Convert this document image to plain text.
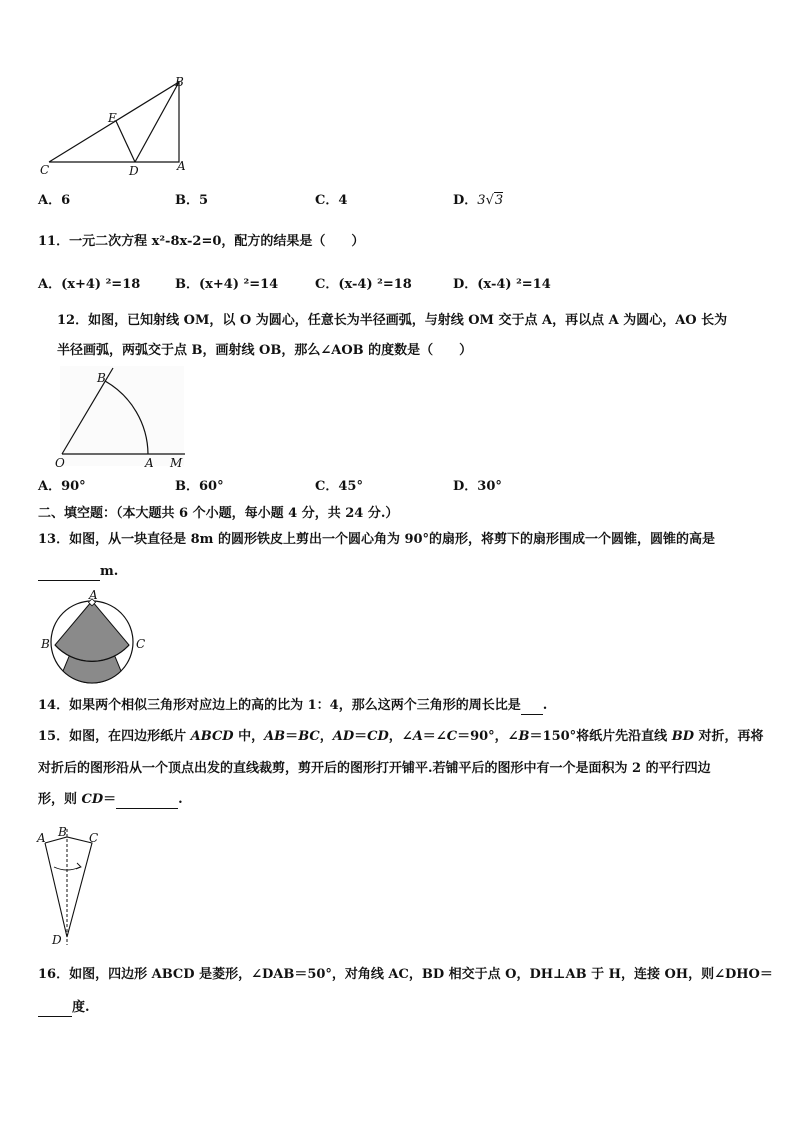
B
E
C	D	A
A．6	B．5	C．4	D．3√3
11．一元二次方程 x²-8x-2=0，配方的结果是（　　）
A．(x+4) ²=18	B．(x+4) ²=14	C．(x-4) ²=18	D．(x-4) ²=14
12．如图，已知射线 OM，以 O 为圆心，任意长为半径画弧，与射线 OM 交于点 A，再以点 A 为圆心，AO 长为
半径画弧，两弧交于点 B，画射线 OB，那么∠AOB 的度数是（　　）
B
O	A M
A．90°	B．60°	C．45°	D．30°
二、填空题：（本大题共 6 个小题，每小题 4 分，共 24 分.）
13．如图，从一块直径是 8m 的圆形铁皮上剪出一个圆心角为 90°的扇形，将剪下的扇形围成一个圆锥，圆锥的高是
m.
A
B	C
14．如果两个相似三角形对应边上的高的比为 1：4，那么这两个三角形的周长比是 .
15．如图，在四边形纸片 ABCD 中，AB＝BC，AD＝CD，∠A＝∠C＝90°，∠B＝150°将纸片先沿直线 BD 对折，再将
对折后的图形沿从一个顶点出发的直线裁剪，剪开后的图形打开铺平.若铺平后的图形中有一个是面积为 2 的平行四边
形，则 CD＝	.
A B C
D
16．如图，四边形 ABCD 是菱形，∠DAB＝50°，对角线 AC，BD 相交于点 O，DH⊥AB 于 H，连接 OH，则∠DHO＝
度.
